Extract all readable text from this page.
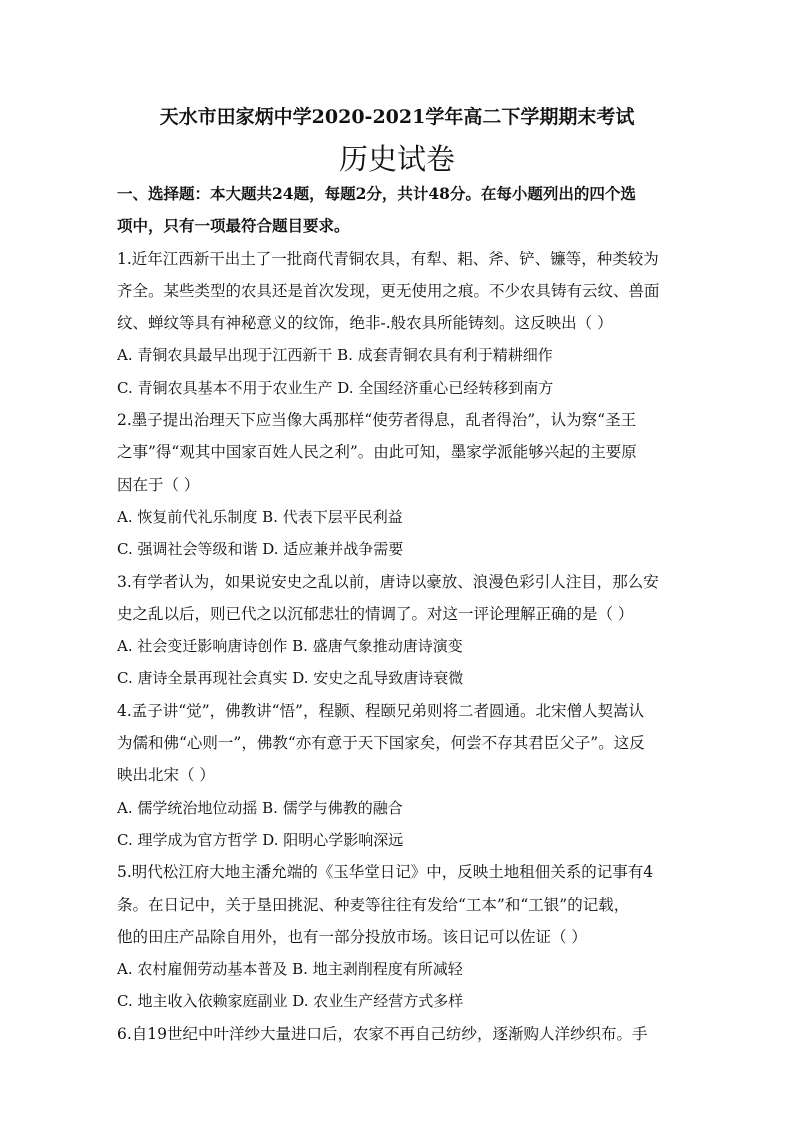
天水市田家炳中学2020-2021学年高二下学期期末考试
历史试卷
一、选择题：本大题共24题，每题2分，共计48分。在每小题列出的四个选
项中，只有一项最符合题目要求。
1.近年江西新干出土了一批商代青铜农具，有犁、耜、斧、铲、镰等，种类较为
齐全。某些类型的农具还是首次发现，更无使用之痕。不少农具铸有云纹、兽面
纹、蝉纹等具有神秘意义的纹饰，绝非-.般农具所能铸刻。这反映出（ ）
A. 青铜农具最早出现于江西新干 B. 成套青铜农具有利于精耕细作
C. 青铜农具基本不用于农业生产 D. 全国经济重心已经转移到南方
2.墨子提出治理天下应当像大禹那样“使劳者得息，乱者得治”，认为察“圣王
之事”得“观其中国家百姓人民之利”。由此可知，墨家学派能够兴起的主要原
因在于（ ）
A. 恢复前代礼乐制度 B. 代表下层平民利益
C. 强调社会等级和谐 D. 适应兼并战争需要
3.有学者认为，如果说安史之乱以前，唐诗以豪放、浪漫色彩引人注目，那么安
史之乱以后，则已代之以沉郁悲壮的情调了。对这一评论理解正确的是（ ）
A. 社会变迁影响唐诗创作 B. 盛唐气象推动唐诗演变
C. 唐诗全景再现社会真实 D. 安史之乱导致唐诗衰微
4.孟子讲“觉”，佛教讲“悟”，程颢、程颐兄弟则将二者圆通。北宋僧人契嵩认
为儒和佛“心则一”，佛教“亦有意于天下国家矣，何尝不存其君臣父子”。这反
映出北宋（ ）
A. 儒学统治地位动摇 B. 儒学与佛教的融合
C. 理学成为官方哲学 D. 阳明心学影响深远
5.明代松江府大地主潘允端的《玉华堂日记》中，反映土地租佃关系的记事有4
条。在日记中，关于垦田挑泥、种麦等往往有发给“工本”和“工银”的记载，
他的田庄产品除自用外，也有一部分投放市场。该日记可以佐证（ ）
A. 农村雇佣劳动基本普及 B. 地主剥削程度有所减轻
C. 地主收入依赖家庭副业 D. 农业生产经营方式多样
6.自19世纪中叶洋纱大量进口后，农家不再自己纺纱，逐渐购人洋纱织布。手
